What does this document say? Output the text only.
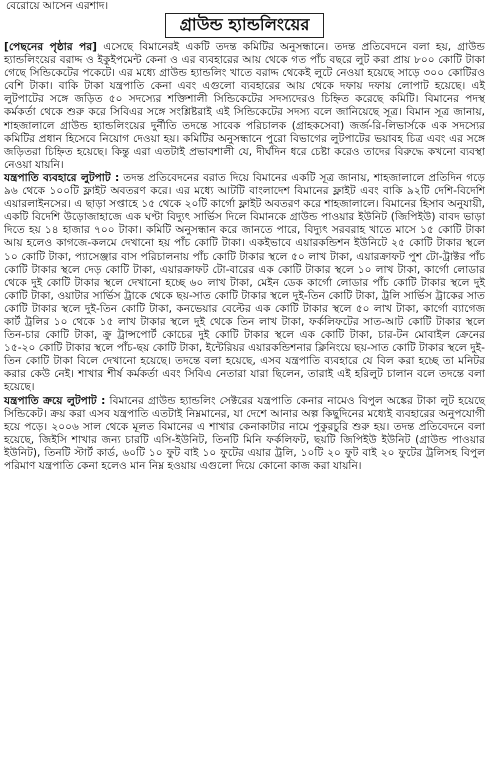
বেরোয়ে আসেন এরশাদ।
গ্রাউন্ড হ্যান্ডলিংয়ের

[পেছনের পৃষ্ঠার পর] এসেছে বিমানেরই একটি তদন্ত কমিটির অনুসন্ধানে। তদন্ত প্রতিবেদনে বলা হয়, গ্রাউন্ড হ্যান্ডলিংয়ের বরাদ্দ ও ইকুইপমেন্ট কেনা ও এর ব্যবহারের আয় থেকে গত পাঁচ বছরে লুট করা প্রায় ৮০০ কোটি টাকা গেছে সিন্ডিকেটের পকেটে। এর মধ্যে গ্রাউন্ড হ্যান্ডলিং খাতে বরাদ্দ থেকেই লুটে নেওয়া হয়েছে সাড়ে ৩০০ কোটিরও বেশি টাকা। বাকি টাকা যন্ত্রপাতি কেনা এবং এগুলো ব্যবহারের আয় থেকে দফায় দফায় লোপাট হয়েছে। এই লুটপাটের সঙ্গে জড়িত ৫০ সদস্যের শক্তিশালী সিন্ডিকেটের সদস্যদেরও চিহ্নিত করেছে কমিটি। বিমানের পদস্থ কর্মকর্তা থেকে শুরু করে সিবিএর সঙ্গে সংশ্লিষ্টরাই এই সিন্ডিকেটের সদস্য বলে জানিয়েছে সূত্র। বিমান সূত্র জানায়, শাহজালালে গ্রাউন্ড হ্যান্ডলিংয়ের দুর্নীতি তদন্তে সাবেক পরিচালক (গ্রাহকসেবা) জর্জ-রি-লিভার্সকে এক সদস্যের কমিটির প্রধান হিসেবে নিয়োগ দেওয়া হয়। কমিটির অনুসন্ধানে পুরো বিভাগের লুটপাটের ভয়াবহ চিত্র এবং এর সঙ্গে জড়িতরা চিহ্নিত হয়েছে। কিন্তু এরা এতটাই প্রভাবশালী যে, দীর্ঘদিন ধরে চেষ্টা করেও তাদের বিরুদ্ধে কখনো ব্যবস্থা নেওয়া যায়নি।

যন্ত্রপাতি ব্যবহারে লুটপাট : তদন্ত প্রতিবেদনের বরাত দিয়ে বিমানের একটি সূত্র জানায়, শাহজালালে প্রতিদিন গড়ে ৯৬ থেকে ১০০টি ফ্লাইট অবতরণ করে। এর মধ্যে আটটি বাংলাদেশ বিমানের ফ্লাইট এবং বাকি ৯২টি দেশি-বিদেশি এয়ারলাইনসের। এ ছাড়া সপ্তাহে ১৫ থেকে ২০টি কার্গো ফ্লাইট অবতরণ করে শাহজালালে। বিমানের হিসাব অনুযায়ী, একটি বিদেশি উড়োজাহাজে এক ঘণ্টা বিদ্যুৎ সার্ভিস দিলে বিমানকে গ্রাউন্ড পাওয়ার ইউনিট (জিপিইউ) বাবদ ভাড়া দিতে হয় ১৪ হাজার ৭০০ টাকা। কমিটি অনুসন্ধান করে জানতে পারে, বিদ্যুৎ সরবরাহ খাতে মাসে ১৫ কোটি টাকা আয় হলেও কাগজে-কলমে দেখানো হয় পাঁচ কোটি টাকা। একইভাবে এয়ারকন্ডিশন ইউনিটে ২৫ কোটি টাকার স্থলে ১০ কোটি টাকা, প্যাসেঞ্জার বাস পরিচালনায় পাঁচ কোটি টাকার স্থলে ৫০ লাখ টাকা, এয়ারক্রাফট পুশ টো-ট্রাক্টর পাঁচ কোটি টাকার স্থলে দেড় কোটি টাকা, এয়ারক্রাফট টো-বারের এক কোটি টাকার স্থলে ১০ লাখ টাকা, কার্গো লোডার থেকে দুই কোটি টাকার স্থলে দেখানো হচ্ছে ৬০ লাখ টাকা, মেইন ডেক কার্গো লোডার পাঁচ কোটি টাকার স্থলে দুই কোটি টাকা, ওয়াটার সার্ভিস ট্রাকে থেকে ছয়-সাত কোটি টাকার স্থলে দুই-তিন কোটি টাকা, ট্রলি সার্ভিস ট্রাকের সাত কোটি টাকার স্থলে দুই-তিন কোটি টাকা, কনভেয়ার বেল্টের এক কোটি টাকার স্থলে ৫০ লাখ টাকা, কার্গো ব্যাগেজ কার্ট ট্রলির ১০ থেকে ১৫ লাখ টাকার স্থলে দুই থেকে তিন লাখ টাকা, ফর্কলিফটের সাত-আট কোটি টাকার স্থলে তিন-চার কোটি টাকা, ক্রু ট্রান্সপোর্ট কোচের দুই কোটি টাকার স্থলে এক কোটি টাকা, চার-টন মোবাইল ক্রেনের ১৫-২০ কোটি টাকার স্থলে পাঁচ-ছয় কোটি টাকা, ইন্টেরিয়র এয়ারকন্ডিশনার ক্লিনিংয়ে ছয়-সাত কোটি টাকার স্থলে দুই-তিন কোটি টাকা বিলে দেখানো হয়েছে। তদন্তে বলা হয়েছে, এসব যন্ত্রপাতি ব্যবহারে যে বিল করা হচ্ছে তা মনিটর করার কেউ নেই। শাখার শীর্ষ কর্মকর্তা এবং সিবিএ নেতারা যারা ছিলেন, তারাই এই হরিলুট চালান বলে তদন্তে বলা হয়েছে।

যন্ত্রপাতি ক্রয়ে লুটপাট : বিমানের গ্রাউন্ড হ্যান্ডলিং সেক্টরের যন্ত্রপাতি কেনার নামেও বিপুল অঙ্কের টাকা লুট হয়েছে সিন্ডিকেট। ক্রয় করা এসব যন্ত্রপাতি এতটাই নিম্নমানের, যা দেশে আনার অল্প কিছুদিনের মধ্যেই ব্যবহারের অনুপযোগী হয়ে পড়ে। ২০০৬ সাল থেকে মূলত বিমানের এ শাখার কেনাকাটার নামে পুকুরচুরি শুরু হয়। তদন্ত প্রতিবেদনে বলা হয়েছে, জিইসি শাখার জন্য চারটি এসি-ইউনিট, তিনটি মিনি ফর্কলিফট, ছয়টি জিপিইউ ইউনিট (গ্রাউন্ড পাওয়ার ইউনিট), তিনটি স্টার্ট কার্ড, ৬০টি ১০ ফুট বাই ১০ ফুটের এয়ার ট্রলি, ১০টি ২০ ফুট বাই ২০ ফুটের ট্রলিসহ বিপুল পরিমাণ যন্ত্রপাতি কেনা হলেও মান নিম্ন হওয়ায় এগুলো দিয়ে কোনো কাজ করা যায়নি।
